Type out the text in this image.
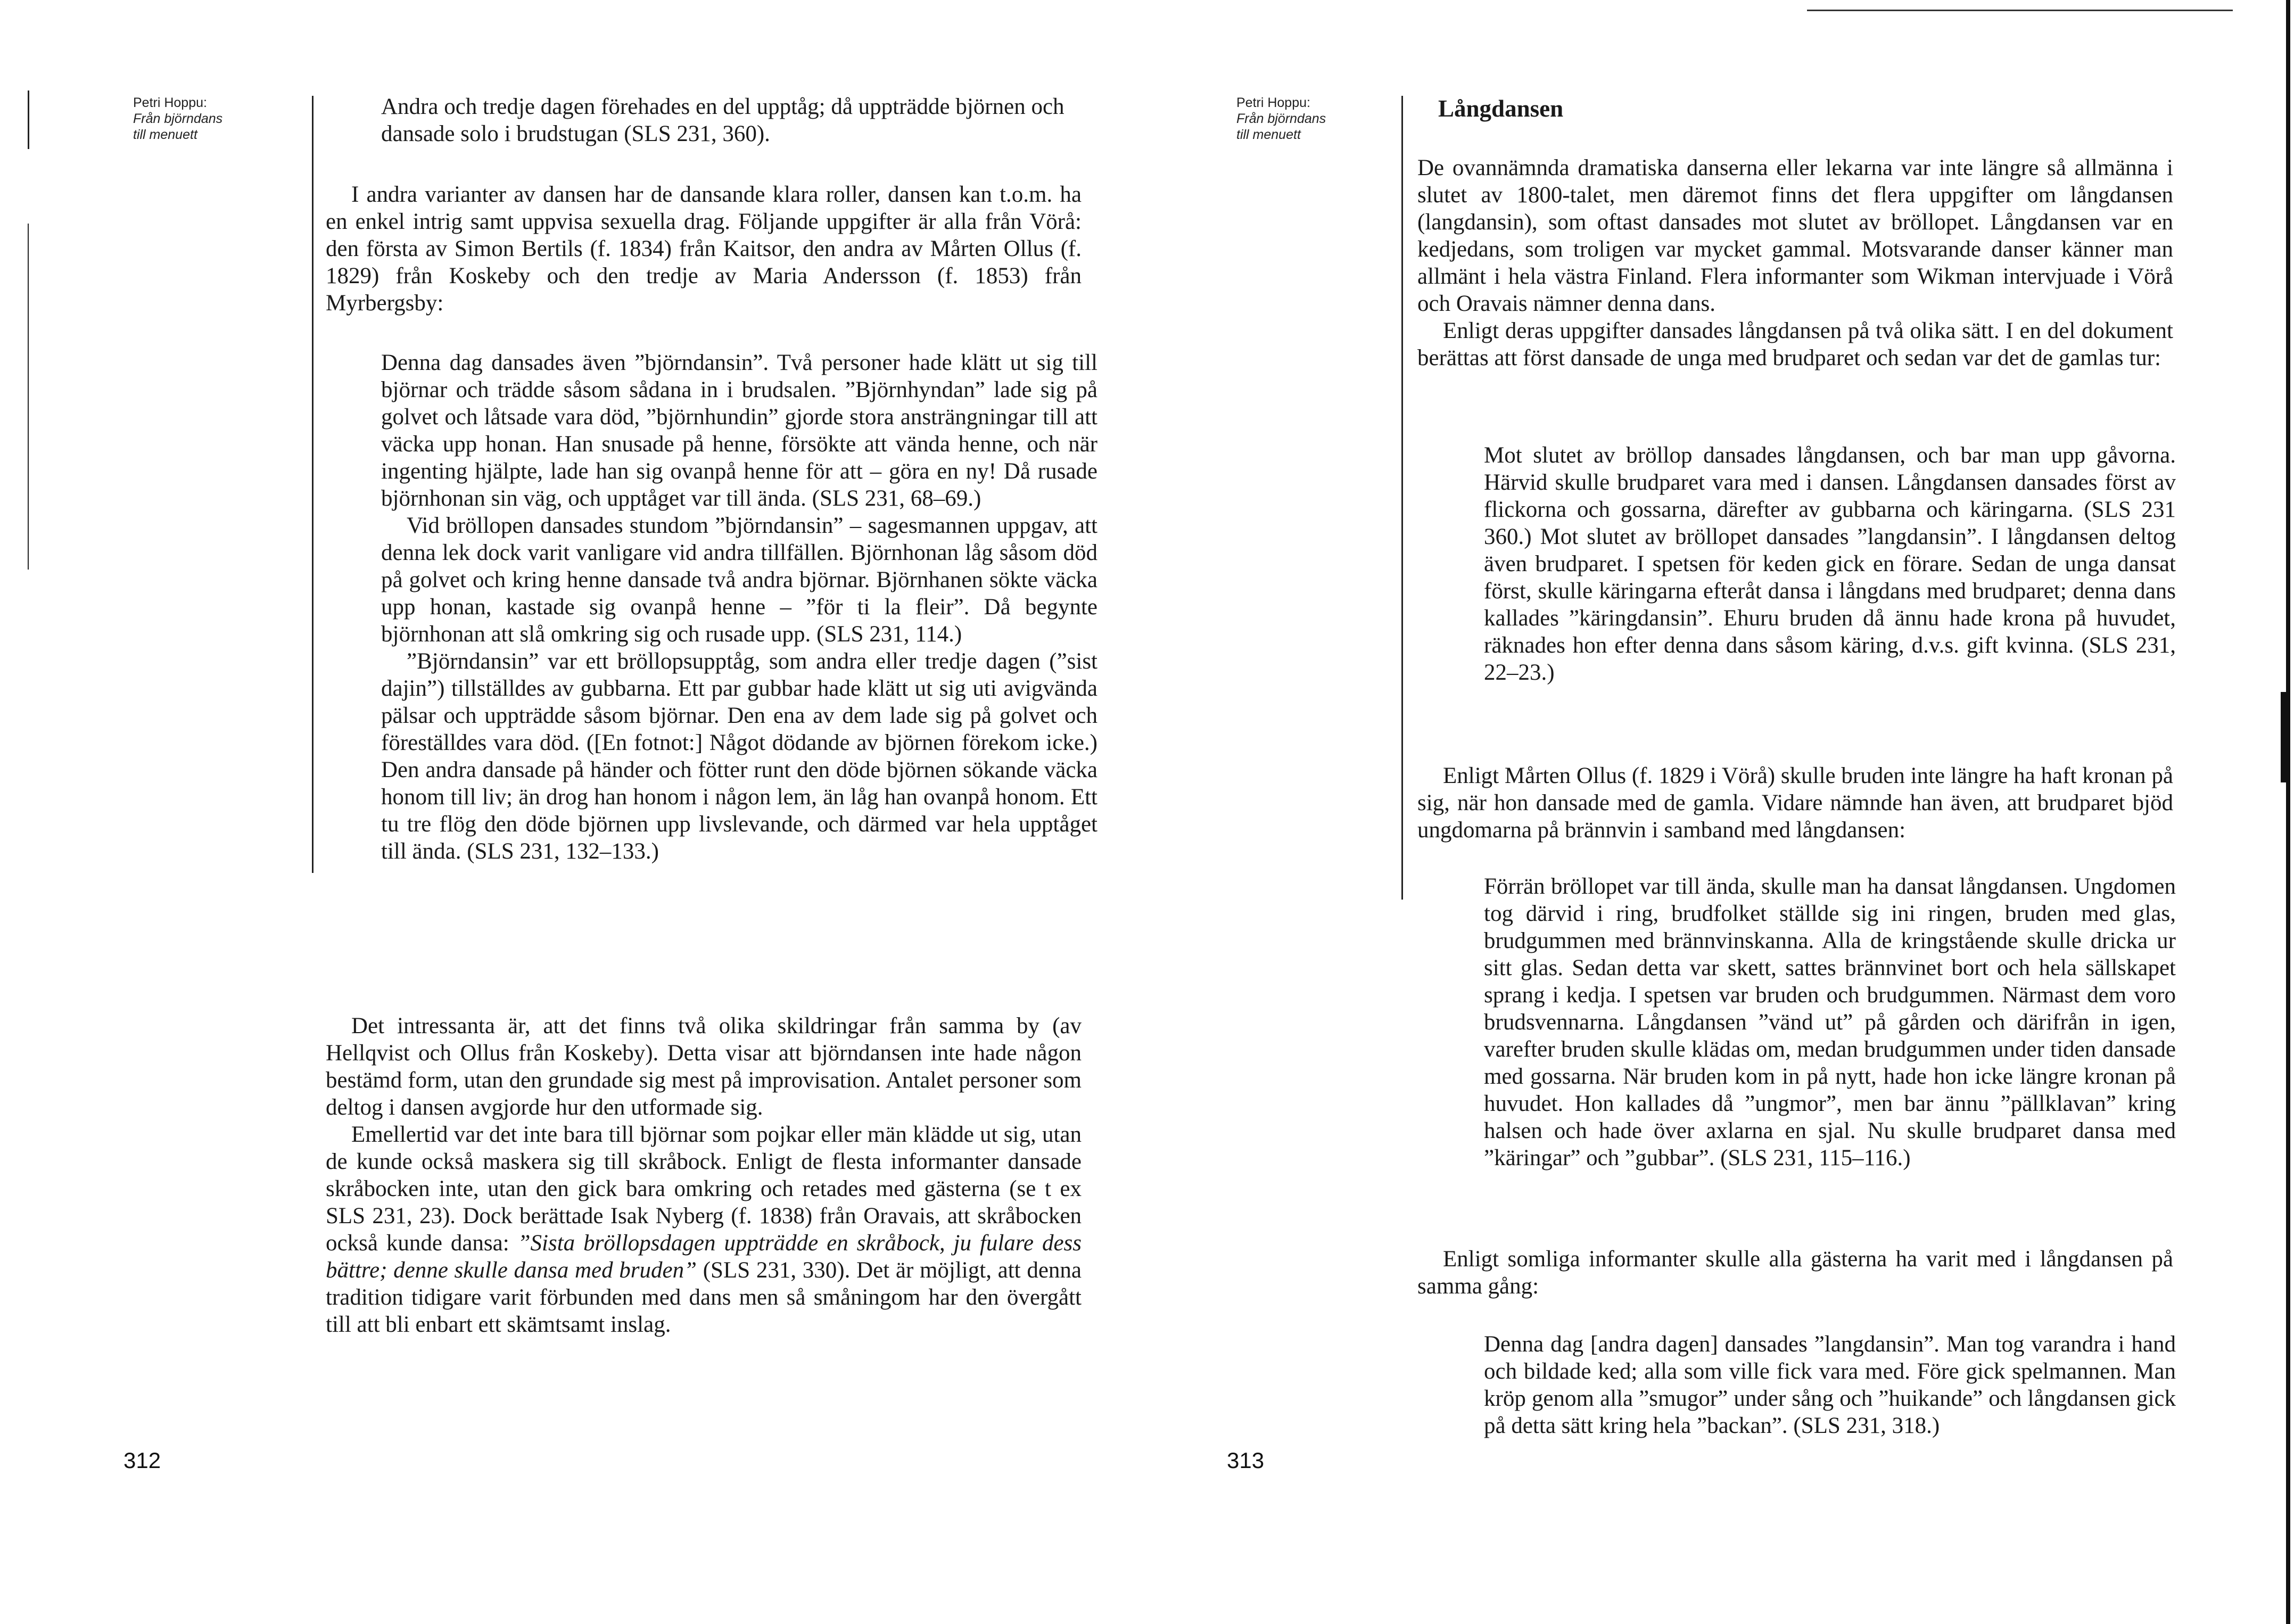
Petri Hoppu:
Från björndans
till menuett

Andra och tredje dagen förehades en del upptåg; då uppträdde björnen och dansade solo i brudstugan (SLS 231, 360).

I andra varianter av dansen har de dansande klara roller, dansen kan t.o.m. ha en enkel intrig samt uppvisa sexuella drag. Följande uppgifter är alla från Vörå: den första av Simon Bertils (f. 1834) från Kaitsor, den andra av Mårten Ollus (f. 1829) från Koskeby och den tredje av Maria Andersson (f. 1853) från Myrbergsby:

Denna dag dansades även ”björndansin”. Två personer hade klätt ut sig till björnar och trädde såsom sådana in i brudsalen. ”Björnhyndan” lade sig på golvet och låtsade vara död, ”björnhundin” gjorde stora ansträngningar till att väcka upp honan. Han snusade på henne, försökte att vända henne, och när ingenting hjälpte, lade han sig ovanpå henne för att – göra en ny! Då rusade björnhonan sin väg, och upptåget var till ända. (SLS 231, 68–69.)

Vid bröllopen dansades stundom ”björndansin” – sagesmannen uppgav, att denna lek dock varit vanligare vid andra tillfällen. Björnhonan låg såsom död på golvet och kring henne dansade två andra björnar. Björnhanen sökte väcka upp honan, kastade sig ovanpå henne – ”för ti la fleir”. Då begynte björnhonan att slå omkring sig och rusade upp. (SLS 231, 114.)

”Björndansin” var ett bröllopsupptåg, som andra eller tredje dagen (”sist dajin”) tillställdes av gubbarna. Ett par gubbar hade klätt ut sig uti avigvända pälsar och uppträdde såsom björnar. Den ena av dem lade sig på golvet och föreställdes vara död. ([En fotnot:] Något dödande av björnen förekom icke.) Den andra dansade på händer och fötter runt den döde björnen sökande väcka honom till liv; än drog han honom i någon lem, än låg han ovanpå honom. Ett tu tre flög den döde björnen upp livslevande, och därmed var hela upptåget till ända. (SLS 231, 132–133.)

Det intressanta är, att det finns två olika skildringar från samma by (av Hellqvist och Ollus från Koskeby). Detta visar att björndansen inte hade någon bestämd form, utan den grundade sig mest på improvisation. Antalet personer som deltog i dansen avgjorde hur den utformade sig.

Emellertid var det inte bara till björnar som pojkar eller män klädde ut sig, utan de kunde också maskera sig till skråbock. Enligt de flesta informanter dansade skråbocken inte, utan den gick bara omkring och retades med gästerna (se t ex SLS 231, 23). Dock berättade Isak Nyberg (f. 1838) från Oravais, att skråbocken också kunde dansa: ”Sista bröllopsdagen uppträdde en skråbock, ju fulare dess bättre; denne skulle dansa med bruden” (SLS 231, 330). Det är möjligt, att denna tradition tidigare varit förbunden med dans men så småningom har den övergått till att bli enbart ett skämtsamt inslag.

312
Petri Hoppu:
Från björndans
till menuett
Långdansen

De ovannämnda dramatiska danserna eller lekarna var inte längre så allmänna i slutet av 1800-talet, men däremot finns det flera uppgifter om långdansen (langdansin), som oftast dansades mot slutet av bröllopet. Långdansen var en kedjedans, som troligen var mycket gammal. Motsvarande danser känner man allmänt i hela västra Finland. Flera informanter som Wikman intervjuade i Vörå och Oravais nämner denna dans.

Enligt deras uppgifter dansades långdansen på två olika sätt. I en del dokument berättas att först dansade de unga med brudparet och sedan var det de gamlas tur:

Mot slutet av bröllop dansades långdansen, och bar man upp gåvorna. Härvid skulle brudparet vara med i dansen. Långdansen dansades först av flickorna och gossarna, därefter av gubbarna och käringarna. (SLS 231 360.) Mot slutet av bröllopet dansades ”langdansin”. I långdansen deltog även brudparet. I spetsen för keden gick en förare. Sedan de unga dansat först, skulle käringarna efteråt dansa i långdans med brudparet; denna dans kallades ”käringdansin”. Ehuru bruden då ännu hade krona på huvudet, räknades hon efter denna dans såsom käring, d.v.s. gift kvinna. (SLS 231, 22–23.)

Enligt Mårten Ollus (f. 1829 i Vörå) skulle bruden inte längre ha haft kronan på sig, när hon dansade med de gamla. Vidare nämnde han även, att brudparet bjöd ungdomarna på brännvin i samband med långdansen:

Förrän bröllopet var till ända, skulle man ha dansat långdansen. Ungdomen tog därvid i ring, brudfolket ställde sig ini ringen, bruden med glas, brudgummen med brännvinskanna. Alla de kringstående skulle dricka ur sitt glas. Sedan detta var skett, sattes brännvinet bort och hela sällskapet sprang i kedja. I spetsen var bruden och brudgummen. Närmast dem voro brudsvennarna. Långdansen ”vänd ut” på gården och därifrån in igen, varefter bruden skulle klädas om, medan brudgummen under tiden dansade med gossarna. När bruden kom in på nytt, hade hon icke längre kronan på huvudet. Hon kallades då ”ungmor”, men bar ännu ”pällklavan” kring halsen och hade över axlarna en sjal. Nu skulle brudparet dansa med ”käringar” och ”gubbar”. (SLS 231, 115–116.)

Enligt somliga informanter skulle alla gästerna ha varit med i långdansen på samma gång:

Denna dag [andra dagen] dansades ”langdansin”. Man tog varandra i hand och bildade ked; alla som ville fick vara med. Före gick spelmannen. Man kröp genom alla ”smugor” under sång och ”huikande” och långdansen gick på detta sätt kring hela ”backan”. (SLS 231, 318.)

313
